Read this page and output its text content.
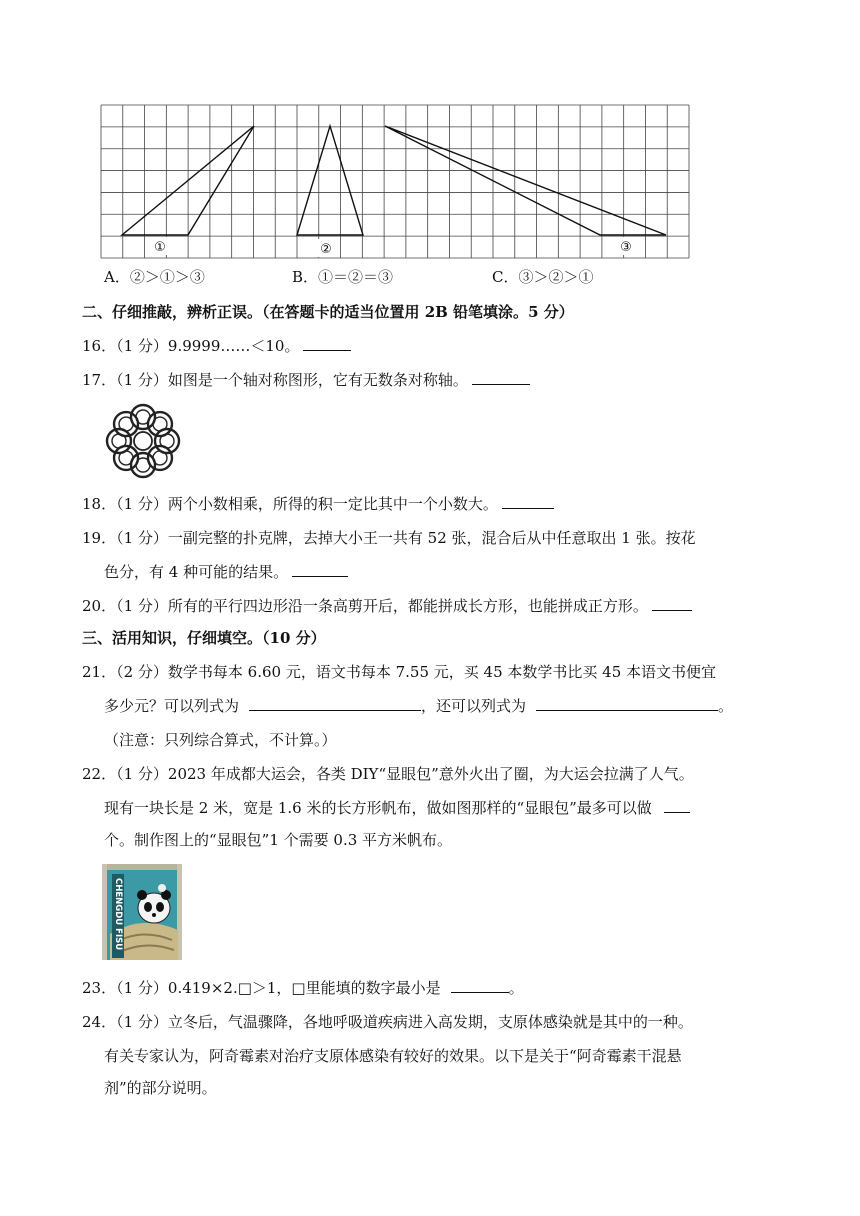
①	②	③
A．②＞①＞③	B．①＝②＝③	C．③＞②＞①
二、仔细推敲，辨析正误。（在答题卡的适当位置用 2B 铅笔填涂。5 分）
16．（1 分）9.9999……＜10。
17．（1 分）如图是一个轴对称图形，它有无数条对称轴。
18．（1 分）两个小数相乘，所得的积一定比其中一个小数大。
19．（1 分）一副完整的扑克牌，去掉大小王一共有 52 张，混合后从中任意取出 1 张。按花
色分，有 4 种可能的结果。
20．（1 分）所有的平行四边形沿一条高剪开后，都能拼成长方形，也能拼成正方形。
三、活用知识，仔细填空。（10 分）
21．（2 分）数学书每本 6.60 元，语文书每本 7.55 元，买 45 本数学书比买 45 本语文书便宜
多少元？可以列式为	，还可以列式为	。
（注意：只列综合算式，不计算。）
22．（1 分）2023 年成都大运会，各类 DIY“显眼包”意外火出了圈，为大运会拉满了人气。
现有一块长是 2 米，宽是 1.6 米的长方形帆布，做如图那样的“显眼包”最多可以做
个。制作图上的“显眼包”1 个需要 0.3 平方米帆布。
CHENGDU FISU
23．（1 分）0.419×2.□＞1，□里能填的数字最小是	。
24．（1 分）立冬后，气温骤降，各地呼吸道疾病进入高发期，支原体感染就是其中的一种。
有关专家认为，阿奇霉素对治疗支原体感染有较好的效果。以下是关于“阿奇霉素干混悬
剂”的部分说明。
